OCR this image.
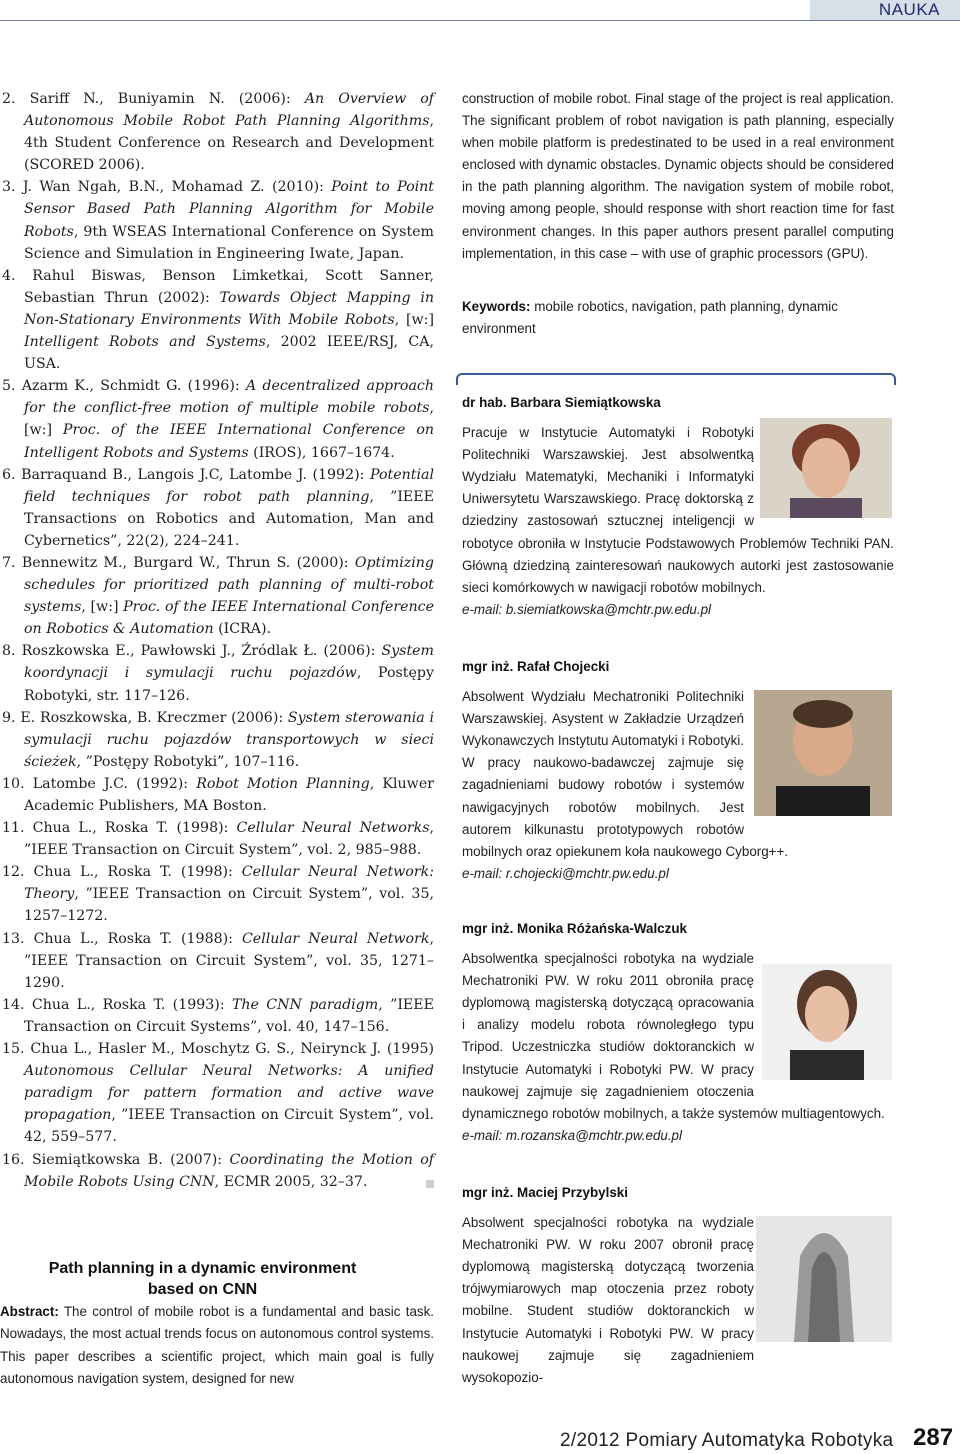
NAUKA

2. Sariff N., Buniyamin N. (2006): An Overview of Autonomous Mobile Robot Path Planning Algorithms, 4th Student Conference on Research and Development (SCORED 2006).

3. J. Wan Ngah, B.N., Mohamad Z. (2010): Point to Point Sensor Based Path Planning Algorithm for Mobile Robots, 9th WSEAS International Conference on System Science and Simulation in Engineering Iwate, Japan.

4. Rahul Biswas, Benson Limketkai, Scott Sanner, Sebastian Thrun (2002): Towards Object Mapping in Non-Stationary Environments With Mobile Robots, [w:] Intelligent Robots and Systems, 2002 IEEE/RSJ, CA, USA.

5. Azarm K., Schmidt G. (1996): A decentralized approach for the conflict-free motion of multiple mobile robots, [w:] Proc. of the IEEE International Conference on Intelligent Robots and Systems (IROS), 1667–1674.

6. Barraquand B., Langois J.C, Latombe J. (1992): Potential field techniques for robot path planning, ”IEEE Transactions on Robotics and Automation, Man and Cybernetics”, 22(2), 224–241.

7. Bennewitz M., Burgard W., Thrun S. (2000): Optimizing schedules for prioritized path planning of multi-robot systems, [w:] Proc. of the IEEE International Conference on Robotics & Automation (ICRA).

8. Roszkowska E., Pawłowski J., Źródlak Ł. (2006): System koordynacji i symulacji ruchu pojazdów, Postępy Robotyki, str. 117–126.

9. E. Roszkowska, B. Kreczmer (2006): System sterowania i symulacji ruchu pojazdów transportowych w sieci ścieżek, ”Postępy Robotyki”, 107–116.

10. Latombe J.C. (1992): Robot Motion Planning, Kluwer Academic Publishers, MA Boston.

11. Chua L., Roska T. (1998): Cellular Neural Networks, ”IEEE Transaction on Circuit System”, vol. 2, 985–988.

12. Chua L., Roska T. (1998): Cellular Neural Network: Theory, ”IEEE Transaction on Circuit System”, vol. 35, 1257–1272.

13. Chua L., Roska T. (1988): Cellular Neural Network, ”IEEE Transaction on Circuit System”, vol. 35, 1271–1290.

14. Chua L., Roska T. (1993): The CNN paradigm, ”IEEE Transaction on Circuit Systems”, vol. 40, 147–156.

15. Chua L., Hasler M., Moschytz G. S., Neirynck J. (1995) Autonomous Cellular Neural Networks: A unified paradigm for pattern formation and active wave propagation, ”IEEE Transaction on Circuit System”, vol. 42, 559–577.

16. Siemiątkowska B. (2007): Coordinating the Motion of Mobile Robots Using CNN, ECMR 2005, 32–37.

Path planning in a dynamic environment
based on CNN
Abstract: The control of mobile robot is a fundamental and basic task. Nowadays, the most actual trends focus on autonomous control systems. This paper describes a scientific project, which main goal is fully autonomous navigation system, designed for new
construction of mobile robot. Final stage of the project is real application. The significant problem of robot navigation is path planning, especially when mobile platform is predestinated to be used in a real environment enclosed with dynamic obstacles. Dynamic objects should be considered in the path planning algorithm. The navigation system of mobile robot, moving among people, should response with short reaction time for fast environment changes. In this paper authors present parallel computing implementation, in this case – with use of graphic processors (GPU).
Keywords: mobile robotics, navigation, path planning, dynamic environment
dr hab. Barbara Siemiątkowska
Pracuje w Instytucie Automatyki i Robotyki Politechniki Warszawskiej. Jest absolwentką Wydziału Matematyki, Mechaniki i Informatyki Uniwersytetu Warszawskiego. Pracę doktorską z dziedziny zastosowań sztucznej inteligencji w robotyce obroniła w Instytucie Podstawowych Problemów Techniki PAN. Główną dziedziną zainteresowań naukowych autorki jest zastosowanie sieci komórkowych w nawigacji robotów mobilnych.
e-mail: b.siemiatkowska@mchtr.pw.edu.pl
mgr inż. Rafał Chojecki
Absolwent Wydziału Mechatroniki Politechniki Warszawskiej. Asystent w Zakładzie Urządzeń Wykonawczych Instytutu Automatyki i Robotyki. W pracy naukowo-badawczej zajmuje się zagadnieniami budowy robotów i systemów nawigacyjnych robotów mobilnych. Jest autorem kilkunastu prototypowych robotów mobilnych oraz opiekunem koła naukowego Cyborg++.
e-mail: r.chojecki@mchtr.pw.edu.pl
mgr inż. Monika Różańska-Walczuk
Absolwentka specjalności robotyka na wydziale Mechatroniki PW. W roku 2011 obroniła pracę dyplomową magisterską dotyczącą opracowania i analizy modelu robota równoległego typu Tripod. Uczestniczka studiów doktoranckich w Instytucie Automatyki i Robotyki PW. W pracy naukowej zajmuje się zagadnieniem otoczenia dynamicznego robotów mobilnych, a także systemów multiagentowych.
e-mail: m.rozanska@mchtr.pw.edu.pl
mgr inż. Maciej Przybylski
Absolwent specjalności robotyka na wydziale Mechatroniki PW. W roku 2007 obronił pracę dyplomową magisterską dotyczącą tworzenia trójwymiarowych map otoczenia przez roboty mobilne. Student studiów doktoranckich w Instytucie Automatyki i Robotyki PW. W pracy naukowej zajmuje się zagadnieniem wysokopozio-
2/2012 Pomiary Automatyka Robotyka 287
